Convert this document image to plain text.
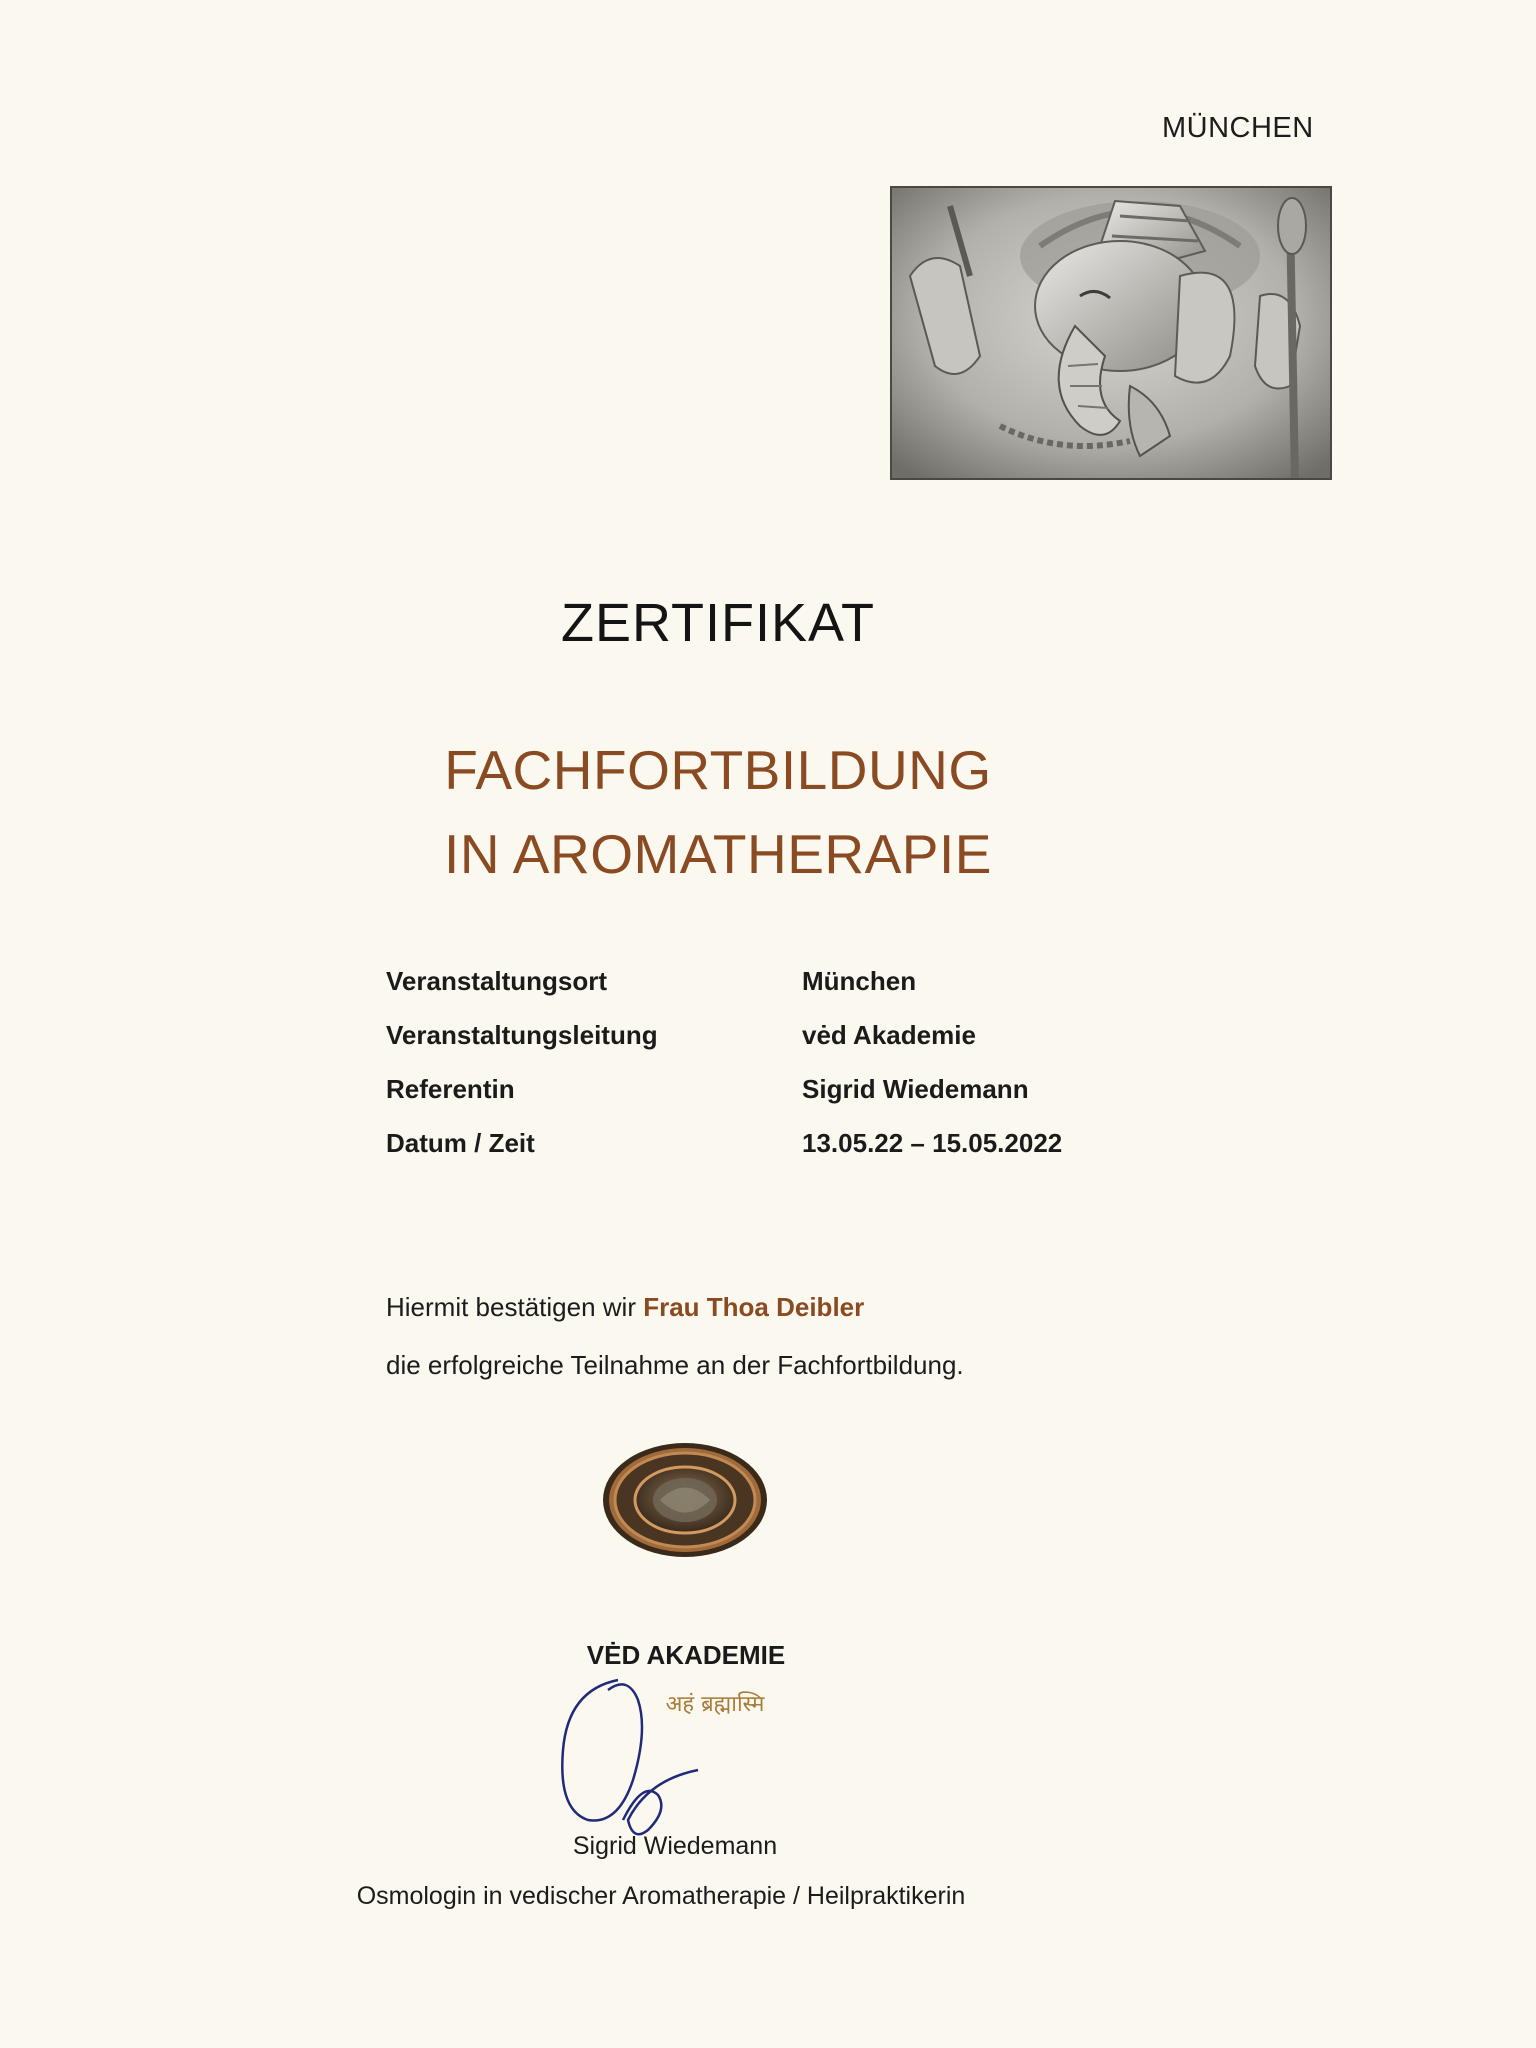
MÜNCHEN
ZERTIFIKAT
FACHFORTBILDUNG
IN AROMATHERAPIE
Veranstaltungsort	München
Veranstaltungsleitung	vėd Akademie
Referentin	Sigrid Wiedemann
Datum / Zeit	13.05.22 – 15.05.2022
Hiermit bestätigen wir Frau Thoa Deibler
die erfolgreiche Teilnahme an der Fachfortbildung.
VĖD AKADEMIE
अहं ब्रह्मास्मि
Sigrid Wiedemann
Osmologin in vedischer Aromatherapie / Heilpraktikerin
